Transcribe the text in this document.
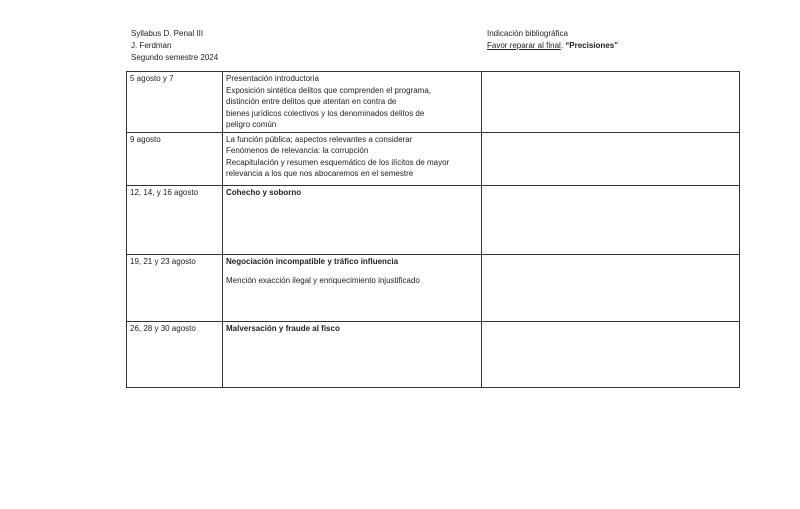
Syllabus D. Penal III
J. Ferdman
Segundo semestre 2024
Indicación bibliográfica
Favor reparar al final, “Precisiones”
5 agosto y 7	Presentación introductoria
Exposición sintética delitos que comprenden el programa,
distinción entre delitos que atentan en contra de
bienes jurídicos colectivos y los denominados delitos de
peligro común	

9 agosto	La función pública; aspectos relevantes a considerar
Fenómenos de relevancia: la corrupción
Recapitulación y resumen esquemático de los ilícitos de mayor
relevancia a los que nos abocaremos en el semestre	

12, 14, y 16 agosto	Cohecho y soborno	

19, 21 y 23 agosto	Negociación incompatible y tráfico influencia
Mención exacción ilegal y enriquecimiento injustificado	

26, 28 y 30 agosto	Malversación y fraude al fisco	
